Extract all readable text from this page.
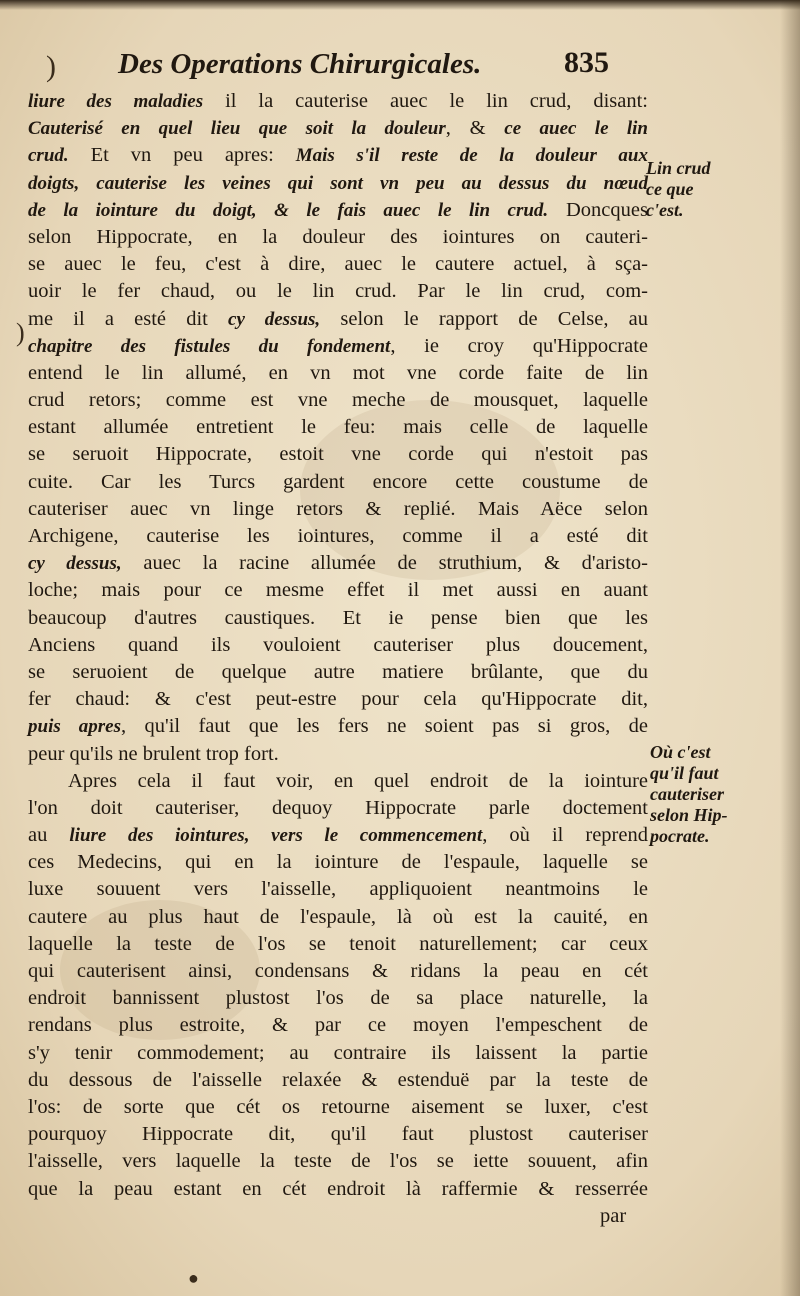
Des Operations Chirurgicales.	835
liure des maladies il la cauterise auec le lin crud, disant:
Cauterisé en quel lieu que soit la douleur, & ce auec le lin
crud. Et vn peu apres: Mais s'il reste de la douleur aux
doigts, cauterise les veines qui sont vn peu au dessus du nœud
de la iointure du doigt, & le fais auec le lin crud. Doncques
selon Hippocrate, en la douleur des iointures on cauteri-
se auec le feu, c'est à dire, auec le cautere actuel, à sça-
uoir le fer chaud, ou le lin crud. Par le lin crud, com-
me il a esté dit cy dessus, selon le rapport de Celse, au
chapitre des fistules du fondement, ie croy qu'Hippocrate
entend le lin allumé, en vn mot vne corde faite de lin
crud retors; comme est vne meche de mousquet, laquelle
estant allumée entretient le feu: mais celle de laquelle
se seruoit Hippocrate, estoit vne corde qui n'estoit pas
cuite. Car les Turcs gardent encore cette coustume de
cauteriser auec vn linge retors & replié. Mais Aëce selon
Archigene, cauterise les iointures, comme il a esté dit
cy dessus, auec la racine allumée de struthium, & d'aristo-
loche; mais pour ce mesme effet il met aussi en auant
beaucoup d'autres caustiques. Et ie pense bien que les
Anciens quand ils vouloient cauteriser plus doucement,
se seruoient de quelque autre matiere brûlante, que du
fer chaud: & c'est peut-estre pour cela qu'Hippocrate dit,
puis apres, qu'il faut que les fers ne soient pas si gros, de
peur qu'ils ne brulent trop fort.
Apres cela il faut voir, en quel endroit de la iointure
l'on doit cauteriser, dequoy Hippocrate parle doctement
au liure des iointures, vers le commencement, où il reprend
ces Medecins, qui en la iointure de l'espaule, laquelle se
luxe souuent vers l'aisselle, appliquoient neantmoins le
cautere au plus haut de l'espaule, là où est la cauité, en
laquelle la teste de l'os se tenoit naturellement; car ceux
qui cauterisent ainsi, condensans & ridans la peau en cét
endroit bannissent plustost l'os de sa place naturelle, la
rendans plus estroite, & par ce moyen l'empeschent de
s'y tenir commodement; au contraire ils laissent la partie
du dessous de l'aisselle relaxée & estenduë par la teste de
l'os: de sorte que cét os retourne aisement se luxer, c'est
pourquoy Hippocrate dit, qu'il faut plustost cauteriser
l'aisselle, vers laquelle la teste de l'os se iette souuent, afin
que la peau estant en cét endroit là raffermie & resserrée
Lin crud
ce que
c'est.
Où c'est
qu'il faut
cauteriser
selon Hip-
pocrate.
)
)
●
par
